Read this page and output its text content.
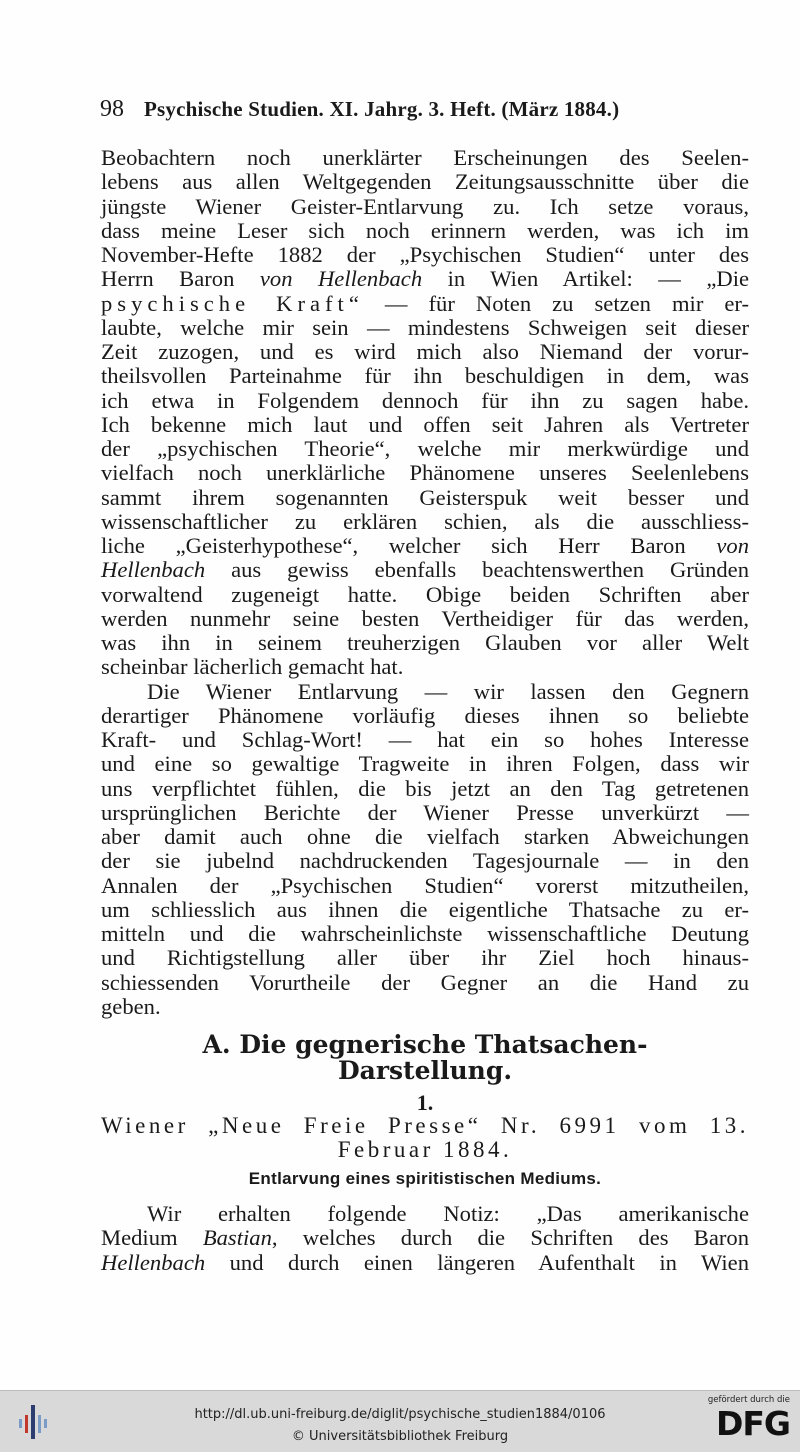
98 Psychische Studien. XI. Jahrg. 3. Heft. (März 1884.)
Beobachtern noch unerklärter Erscheinungen des Seelen-
lebens aus allen Weltgegenden Zeitungsausschnitte über die
jüngste Wiener Geister-Entlarvung zu. Ich setze voraus,
dass meine Leser sich noch erinnern werden, was ich im
November-Hefte 1882 der „Psychischen Studien“ unter des
Herrn Baron von Hellenbach in Wien Artikel: — „Die
psychische Kraft“ — für Noten zu setzen mir er-
laubte, welche mir sein — mindestens Schweigen seit dieser
Zeit zuzogen, und es wird mich also Niemand der vorur-
theilsvollen Parteinahme für ihn beschuldigen in dem, was
ich etwa in Folgendem dennoch für ihn zu sagen habe.
Ich bekenne mich laut und offen seit Jahren als Vertreter
der „psychischen Theorie“, welche mir merkwürdige und
vielfach noch unerklärliche Phänomene unseres Seelenlebens
sammt ihrem sogenannten Geisterspuk weit besser und
wissenschaftlicher zu erklären schien, als die ausschliess-
liche „Geisterhypothese“, welcher sich Herr Baron von
Hellenbach aus gewiss ebenfalls beachtenswerthen Gründen
vorwaltend zugeneigt hatte. Obige beiden Schriften aber
werden nunmehr seine besten Vertheidiger für das werden,
was ihn in seinem treuherzigen Glauben vor aller Welt
scheinbar lächerlich gemacht hat.
Die Wiener Entlarvung — wir lassen den Gegnern
derartiger Phänomene vorläufig dieses ihnen so beliebte
Kraft- und Schlag-Wort! — hat ein so hohes Interesse
und eine so gewaltige Tragweite in ihren Folgen, dass wir
uns verpflichtet fühlen, die bis jetzt an den Tag getretenen
ursprünglichen Berichte der Wiener Presse unverkürzt —
aber damit auch ohne die vielfach starken Abweichungen
der sie jubelnd nachdruckenden Tagesjournale — in den
Annalen der „Psychischen Studien“ vorerst mitzutheilen,
um schliesslich aus ihnen die eigentliche Thatsache zu er-
mitteln und die wahrscheinlichste wissenschaftliche Deutung
und Richtigstellung aller über ihr Ziel hoch hinaus-
schiessenden Vorurtheile der Gegner an die Hand zu
geben.
A. Die gegnerische Thatsachen-
Darstellung.
1.
Wiener „Neue Freie Presse“ Nr. 6991 vom 13.
Februar 1884.
Entlarvung eines spiritistischen Mediums.
Wir erhalten folgende Notiz: „Das amerikanische
Medium Bastian, welches durch die Schriften des Baron
Hellenbach und durch einen längeren Aufenthalt in Wien
http://dl.ub.uni-freiburg.de/diglit/psychische_studien1884/0106
© Universitätsbibliothek Freiburg
gefördert durch die
DFG
